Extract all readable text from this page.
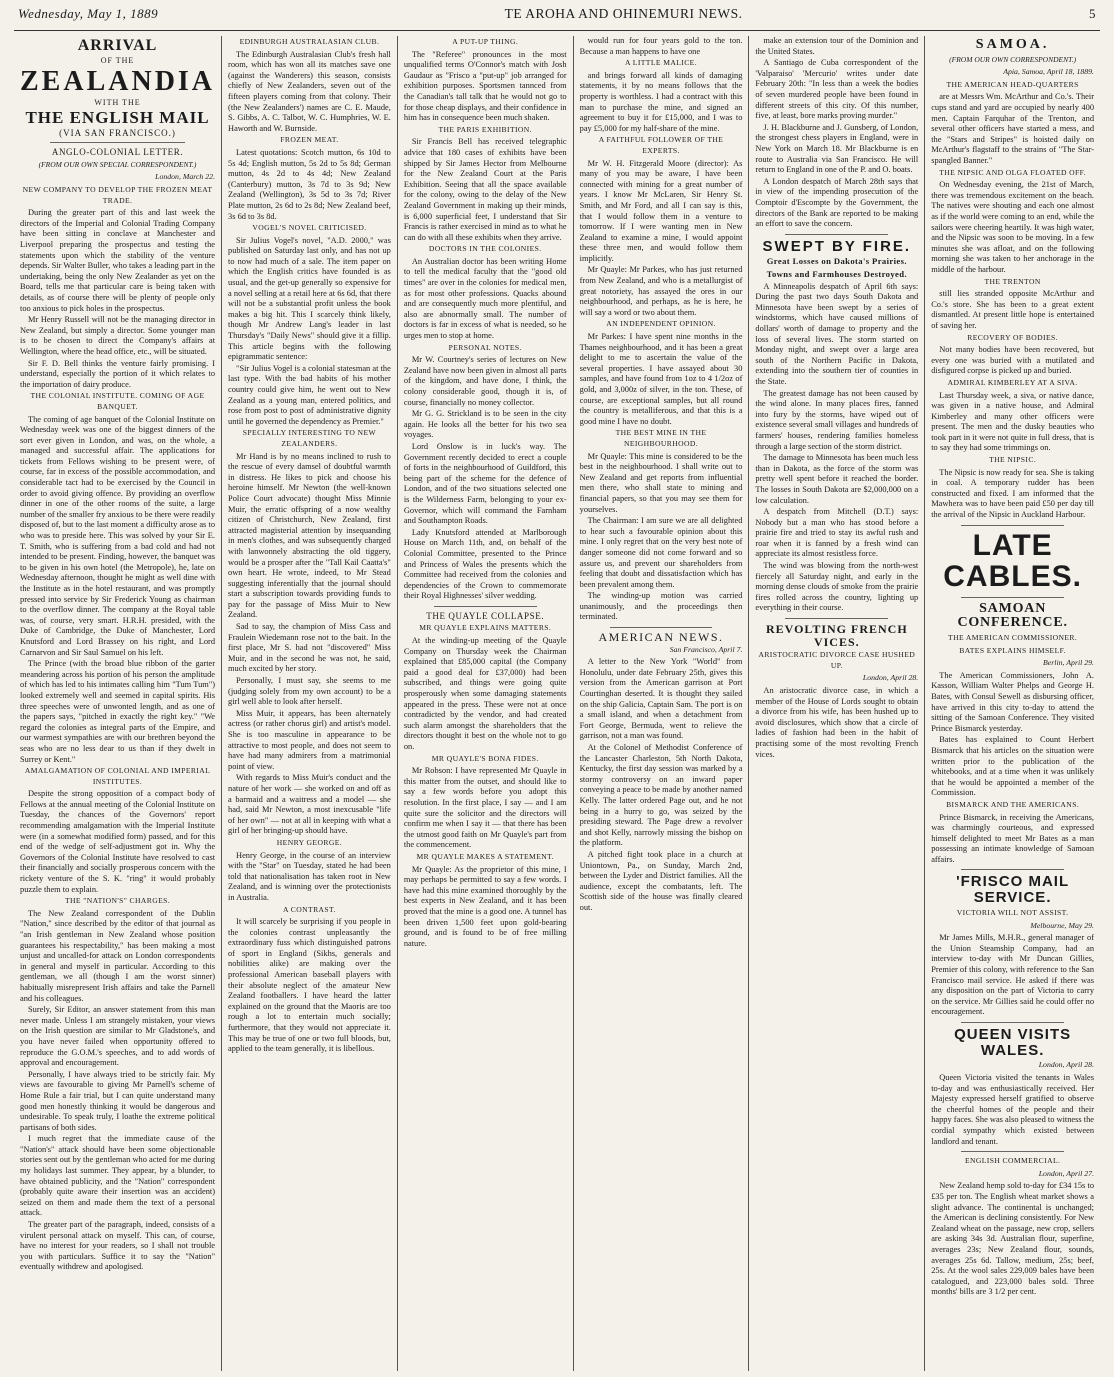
Wednesday, May 1, 1889	TE AROHA AND OHINEMURI NEWS.	5
ARRIVAL
OF THE
ZEALANDIA
WITH THE
THE ENGLISH MAIL
(VIA SAN FRANCISCO.)
ANGLO-COLONIAL LETTER.
(FROM OUR OWN SPECIAL CORRESPONDENT.)
London, March 22.
NEW COMPANY TO DEVELOP THE FROZEN MEAT TRADE.

During the greater part of this and last week the directors of the Imperial and Colonial Trading Company have been sitting in conclave at Manchester and Liverpool preparing the prospectus and testing the statements upon which the stability of the venture depends. Sir Walter Buller, who takes a leading part in the undertaking, being the only New Zealander as yet on the Board, tells me that particular care is being taken with details, as of course there will be plenty of people only too anxious to pick holes in the prospectus.

Mr Henry Russell will not be the managing director in New Zealand, but simply a director. Some younger man is to be chosen to direct the Company's affairs at Wellington, where the head office, etc., will be situated.

Sir F. D. Bell thinks the venture fairly promising. I understand, especially the portion of it which relates to the importation of dairy produce.

THE COLONIAL INSTITUTE. COMING OF AGE BANQUET.

The coming of age banquet of the Colonial Institute on Wednesday week was one of the biggest dinners of the sort ever given in London, and was, on the whole, a managed and successful affair. The applications for tickets from Fellows wishing to be present were, of course, far in excess of the possible accommodation, and considerable tact had to be exercised by the Council in order to avoid giving offence. By providing an overflow dinner in one of the other rooms of the suite, a large number of the smaller fry anxious to be there were readily disposed of, but to the last moment a difficulty arose as to who was to preside here. This was solved by your Sir E. T. Smith, who is suffering from a bad cold and had not intended to be present. Finding, however, the banquet was to be given in his own hotel (the Metropole), he, late on Wednesday afternoon, thought he might as well dine with the Institute as in the hotel restaurant, and was promptly pressed into service by Sir Frederick Young as chairman to the overflow dinner. The company at the Royal table was, of course, very smart. H.R.H. presided, with the Duke of Cambridge, the Duke of Manchester, Lord Knutsford and Lord Brassey on his right, and Lord Carnarvon and Sir Saul Samuel on his left.

The Prince (with the broad blue ribbon of the garter meandering across his portion of his person the amplitude of which has led to his intimates calling him "Tum Tum") looked extremely well and seemed in capital spirits. His three speeches were of unwonted length, and as one of the papers says, "pitched in exactly the right key." "We regard the colonies as integral parts of the Empire, and our warmest sympathies are with our brethren beyond the seas who are no less dear to us than if they dwelt in Surrey or Kent."

AMALGAMATION OF COLONIAL AND IMPERIAL INSTITUTES.

Despite the strong opposition of a compact body of Fellows at the annual meeting of the Colonial Institute on Tuesday, the chances of the Governors' report recommending amalgamation with the Imperial Institute were (in a somewhat modified form) passed, and for this end of the wedge of self-adjustment got in. Why the Governors of the Colonial Institute have resolved to cast their financially and socially prosperous concern with the rickety venture of the S. K. "ring" it would probably puzzle them to explain.

THE "NATION'S" CHARGES.

The New Zealand correspondent of the Dublin "Nation," since described by the editor of that journal as "an Irish gentleman in New Zealand whose position guarantees his respectability," has been making a most unjust and uncalled-for attack on London correspondents in general and myself in particular. According to this gentleman, we all (though I am the worst sinner) habitually misrepresent Irish affairs and take the Parnell and his colleagues.

Surely, Sir Editor, an answer statement from this man never made. Unless I am strangely mistaken, your views on the Irish question are similar to Mr Gladstone's, and you have never failed when opportunity offered to reproduce the G.O.M.'s speeches, and to add words of approval and encouragement.

Personally, I have always tried to be strictly fair. My views are favourable to giving Mr Parnell's scheme of Home Rule a fair trial, but I can quite understand many good men honestly thinking it would be dangerous and undesirable. To speak truly, I loathe the extreme political partisans of both sides.

I much regret that the immediate cause of the "Nation's" attack should have been some objectionable stories sent out by the gentleman who acted for me during my holidays last summer. They appear, by a blunder, to have obtained publicity, and the "Nation" correspondent (probably quite aware their insertion was an accident) seized on them and made them the text of a personal attack.

The greater part of the paragraph, indeed, consists of a virulent personal attack on myself. This can, of course, have no interest for your readers, so I shall not trouble you with particulars. Suffice it to say the "Nation" eventually withdrew and apologised.

EDINBURGH AUSTRALASIAN CLUB.

The Edinburgh Australasian Club's fresh hall room, which has won all its matches save one (against the Wanderers) this season, consists chiefly of New Zealanders, seven out of the fifteen players coming from that colony. Their (the New Zealanders') names are C. E. Maude, S. Gibbs, A. C. Talbot, W. C. Humphries, W. E. Haworth and W. Burnside.

FROZEN MEAT.

Latest quotations: Scotch mutton, 6s 10d to 5s 4d; English mutton, 5s 2d to 5s 8d; German mutton, 4s 2d to 4s 4d; New Zealand (Canterbury) mutton, 3s 7d to 3s 9d; New Zealand (Wellington), 3s 5d to 3s 7d; River Plate mutton, 2s 6d to 2s 8d; New Zealand beef, 3s 6d to 3s 8d.

VOGEL'S NOVEL CRITICISED.

Sir Julius Vogel's novel, "A.D. 2000," was published on Saturday last only, and has not up to now had much of a sale. The item paper on which the English critics have founded is as usual, and the get-up generally so expensive for a novel selling at a retail here at 6s 6d, that there will not be a substantial profit unless the book makes a big hit. This I scarcely think likely, though Mr Andrew Lang's leader in last Thursday's "Daily News" should give it a fillip. This article begins with the following epigrammatic sentence:

"Sir Julius Vogel is a colonial statesman at the last type. With the bad habits of his mother country could give him, he went out to New Zealand as a young man, entered politics, and rose from post to post of administrative dignity until he governed the dependency as Premier."

SPECIALLY INTERESTING TO NEW ZEALANDERS.

Mr Hand is by no means inclined to rush to the rescue of every damsel of doubtful warmth in distress. He likes to pick and choose his heroine himself. Mr Newton (the well-known Police Court advocate) thought Miss Minnie Muir, the erratic offspring of a now wealthy citizen of Christchurch, New Zealand, first attracted magisterial attention by insequanding in men's clothes, and was subsequently charged with lanwonnely abstracting the old tiggery, would be a prosper after the "Tall Kail Caatta's" own heart. He wrote, indeed, to Mr Stead suggesting inferentially that the journal should start a subscription towards providing funds to pay for the passage of Miss Muir to New Zealand.

Sad to say, the champion of Miss Cass and Fraulein Wiedemann rose not to the bait. In the first place, Mr S. had not "discovered" Miss Muir, and in the second he was not, he said, much excited by her story.

Personally, I must say, she seems to me (judging solely from my own account) to be a girl well able to look after herself.

Miss Muir, it appears, has been alternately actress (or rather chorus girl) and artist's model. She is too masculine in appearance to be attractive to most people, and does not seem to have had many admirers from a matrimonial point of view.

With regards to Miss Muir's conduct and the nature of her work — she worked on and off as a barmaid and a waitress and a model — she had, said Mr Newton, a most inexcusable "life of her own" — not at all in keeping with what a girl of her bringing-up should have.

HENRY GEORGE.

Henry George, in the course of an interview with the "Star" on Tuesday, stated he had been told that nationalisation has taken root in New Zealand, and is winning over the protectionists in Australia.

A CONTRAST.

It will scarcely be surprising if you people in the colonies contrast unpleasantly the extraordinary fuss which distinguished patrons of sport in England (Sikhs, generals and nobilities alike) are making over the professional American baseball players with their absolute neglect of the amateur New Zealand footballers. I have heard the latter explained on the ground that the Maoris are too rough a lot to entertain much socially; furthermore, that they would not appreciate it. This may be true of one or two full bloods, but, applied to the team generally, it is libellous.

A PUT-UP THING.

The "Referee" pronounces in the most unqualified terms O'Connor's match with Josh Gaudaur as "Frisco a "put-up" job arranged for exhibition purposes. Sportsmen tannced from the Canadian's tall talk that he would not go to for those cheap displays, and their confidence in him has in consequence been much shaken.

THE PARIS EXHIBITION.

Sir Francis Bell has received telegraphic advice that 180 cases of exhibits have been shipped by Sir James Hector from Melbourne for the New Zealand Court at the Paris Exhibition. Seeing that all the space available for the colony, owing to the delay of the New Zealand Government in making up their minds, is 6,000 superficial feet, I understand that Sir Francis is rather exercised in mind as to what he can do with all these exhibits when they arrive.

DOCTORS IN THE COLONIES.

An Australian doctor has been writing Home to tell the medical faculty that the "good old times" are over in the colonies for medical men, as for most other professions. Quacks abound and are consequently much more plentiful, and also are abnormally small. The number of doctors is far in excess of what is needed, so he urges men to stop at home.

PERSONAL NOTES.

Mr W. Courtney's series of lectures on New Zealand have now been given in almost all parts of the kingdom, and have done, I think, the colony considerable good, though it is, of course, financially no money collector.

Mr G. G. Strickland is to be seen in the city again. He looks all the better for his two sea voyages.

Lord Onslow is in luck's way. The Government recently decided to erect a couple of forts in the neighbourhood of Guildford, this being part of the scheme for the defence of London, and of the two situations selected one is the Wilderness Farm, belonging to your ex-Governor, which will command the Farnham and Southampton Roads.

Lady Knutsford attended at Marlborough House on March 11th, and, on behalf of the Colonial Committee, presented to the Prince and Princess of Wales the presents which the Committee had received from the colonies and dependencies of the Crown to commemorate their Royal Highnesses' silver wedding.

THE QUAYLE COLLAPSE.
MR QUAYLE EXPLAINS MATTERS.

At the winding-up meeting of the Quayle Company on Thursday week the Chairman explained that £85,000 capital (the Company paid a good deal for £37,000) had been subscribed, and things were going quite prosperously when some damaging statements appeared in the press. These were not at once contradicted by the vendor, and had created such alarm amongst the shareholders that the directors thought it best on the whole not to go on.

MR QUAYLE'S BONA FIDES.

Mr Robson: I have represented Mr Quayle in this matter from the outset, and should like to say a few words before you adopt this resolution. In the first place, I say — and I am quite sure the solicitor and the directors will confirm me when I say it — that there has been the utmost good faith on Mr Quayle's part from the commencement.

MR QUAYLE MAKES A STATEMENT.

Mr Quayle: As the proprietor of this mine, I may perhaps be permitted to say a few words. I have had this mine examined thoroughly by the best experts in New Zealand, and it has been proved that the mine is a good one. A tunnel has been driven 1,500 feet upon gold-bearing ground, and is found to be of free milling nature.

would run for four years gold to the ton. Because a man happens to have one

A LITTLE MALICE.

and brings forward all kinds of damaging statements, it by no means follows that the property is worthless. I had a contract with this man to purchase the mine, and signed an agreement to buy it for £15,000, and I was to pay £5,000 for my half-share of the mine.

A FAITHFUL FOLLOWER OF THE EXPERTS.

Mr W. H. Fitzgerald Moore (director): As many of you may be aware, I have been connected with mining for a great number of years. I know Mr McLaren, Sir Henry St. Smith, and Mr Ford, and all I can say is this, that I would follow them in a venture to tomorrow. If I were wanting men in New Zealand to examine a mine, I would appoint these three men, and would follow them implicitly.

Mr Quayle: Mr Parkes, who has just returned from New Zealand, and who is a metallurgist of great notoriety, has assayed the ores in our neighbourhood, and perhaps, as he is here, he will say a word or two about them.

AN INDEPENDENT OPINION.

Mr Parkes: I have spent nine months in the Thames neighbourhood, and it has been a great delight to me to ascertain the value of the several properties. I have assayed about 30 samples, and have found from 1oz to 4 1/2oz of gold, and 3,000z of silver, in the ton. These, of course, are exceptional samples, but all round the country is metalliferous, and that this is a good mine I have no doubt.

THE BEST MINE IN THE NEIGHBOURHOOD.

Mr Quayle: This mine is considered to be the best in the neighbourhood. I shall write out to New Zealand and get reports from influential men there, who shall state to mining and financial papers, so that you may see them for yourselves.

The Chairman: I am sure we are all delighted to hear such a favourable opinion about this mine. I only regret that on the very best note of danger someone did not come forward and so assure us, and prevent our shareholders from feeling that doubt and dissatisfaction which has been prevalent among them.

The winding-up motion was carried unanimously, and the proceedings then terminated.

AMERICAN NEWS.
San Francisco, April 7.

A letter to the New York "World" from Honolulu, under date February 25th, gives this version from the American garrison at Port Courtinghan deserted. It is thought they sailed on the ship Galicia, Captain Sam. The port is on a small island, and when a detachment from Fort George, Bermuda, went to relieve the garrison, not a man was found.

At the Colonel of Methodist Conference of the Lancaster Charleston, 5th North Dakota, Kentucky, the first day session was marked by a stormy controversy on an inward paper conveying a peace to be made by another named Kelly. The latter ordered Page out, and he not being in a hurry to go, was seized by the presiding steward. The Page drew a revolver and shot Kelly, narrowly missing the bishop on the platform.

A pitched fight took place in a church at Uniontown, Pa., on Sunday, March 2nd, between the Lyder and District families. All the audience, except the combatants, left. The Scottish side of the house was finally cleared out.

make an extension tour of the Dominion and the United States.

A Santiago de Cuba correspondent of the 'Valparaiso' 'Mercurio' writes under date February 20th: "In less than a week the bodies of seven murdered people have been found in different streets of this city. Of this number, five, at least, bore marks proving murder."

J. H. Blackburne and J. Gunsberg, of London, the strongest chess players in England, were in New York on March 18. Mr Blackburne is en route to Australia via San Francisco. He will return to England in one of the P. and O. boats.

A London despatch of March 28th says that in view of the impending prosecution of the Comptoir d'Escompte by the Government, the directors of the Bank are reported to be making an effort to save the concern.

SWEPT BY FIRE.
Great Losses on Dakota's Prairies.
Towns and Farmhouses Destroyed.

A Minneapolis despatch of April 6th says: During the past two days South Dakota and Minnesota have been swept by a series of windstorms, which have caused millions of dollars' worth of damage to property and the loss of several lives. The storm started on Monday night, and swept over a large area south of the Northern Pacific in Dakota, extending into the southern tier of counties in the State.

The greatest damage has not been caused by the wind alone. In many places fires, fanned into fury by the storms, have wiped out of existence several small villages and hundreds of farmers' houses, rendering families homeless through a large section of the storm district.

The damage to Minnesota has been much less than in Dakota, as the force of the storm was pretty well spent before it reached the border. The losses in South Dakota are $2,000,000 on a low calculation.

A despatch from Mitchell (D.T.) says: Nobody but a man who has stood before a prairie fire and tried to stay its awful rush and roar when it is fanned by a fresh wind can appreciate its almost resistless force.

The wind was blowing from the north-west fiercely all Saturday night, and early in the morning dense clouds of smoke from the prairie fires rolled across the country, lighting up everything in their course.

REVOLTING FRENCH VICES.
ARISTOCRATIC DIVORCE CASE HUSHED UP.
London, April 28.

An aristocratic divorce case, in which a member of the House of Lords sought to obtain a divorce from his wife, has been hushed up to avoid disclosures, which show that a circle of ladies of fashion had been in the habit of practising some of the most revolting French vices.

SAMOA.
(FROM OUR OWN CORRESPONDENT.)
Apia, Samoa, April 18, 1889.
THE AMERICAN HEAD-QUARTERS

are at Messrs Wm. McArthur and Co.'s. Their cups stand and yard are occupied by nearly 400 men. Captain Farquhar of the Trenton, and several other officers have started a mess, and the "Stars and Stripes" is hoisted daily on McArthur's flagstaff to the strains of "The Star-spangled Banner."

THE NIPSIC AND OLGA FLOATED OFF.

On Wednesday evening, the 21st of March, there was tremendous excitement on the beach. The natives were shouting and each one almost as if the world were coming to an end, while the sailors were cheering heartily. It was high water, and the Nipsic was soon to be moving. In a few minutes she was afloat, and on the following morning she was taken to her anchorage in the middle of the harbour.

THE TRENTON

still lies stranded opposite McArthur and Co.'s store. She has been to a great extent dismantled. At present little hope is entertained of saving her.

RECOVERY OF BODIES.

Not many bodies have been recovered, but every one was buried with a mutilated and disfigured corpse is picked up and buried.

ADMIRAL KIMBERLEY AT A SIVA.

Last Thursday week, a siva, or native dance, was given in a native house, and Admiral Kimberley and many other officers were present. The men and the dusky beauties who took part in it were not quite in full dress, that is to say they had some trimmings on.

THE NIPSIC.

The Nipsic is now ready for sea. She is taking in coal. A temporary rudder has been constructed and fixed. I am informed that the Mawhera was to have been paid £50 per day till the arrival of the Nipsic in Auckland Harbour.

LATE CABLES.
SAMOAN CONFERENCE.
THE AMERICAN COMMISSIONER.
BATES EXPLAINS HIMSELF.
Berlin, April 29.

The American Commissioners, John A. Kasson, William Walter Phelps and George H. Bates, with Consul Sewell as disbursing officer, have arrived in this city to-day to attend the sitting of the Samoan Conference. They visited Prince Bismarck yesterday.

Bates has explained to Count Herbert Bismarck that his articles on the situation were written prior to the publication of the whitebooks, and at a time when it was unlikely that he would be appointed a member of the Commission.

BISMARCK AND THE AMERICANS.

Prince Bismarck, in receiving the Americans, was charmingly courteous, and expressed himself delighted to meet Mr Bates as a man possessing an intimate knowledge of Samoan affairs.

'FRISCO MAIL SERVICE.
VICTORIA WILL NOT ASSIST.
Melbourne, May 29.

Mr James Mills, M.H.R., general manager of the Union Steamship Company, had an interview to-day with Mr Duncan Gillies, Premier of this colony, with reference to the San Francisco mail service. He asked if there was any disposition on the part of Victoria to carry on the service. Mr Gillies said he could offer no encouragement.

QUEEN VISITS WALES.
London, April 28.

Queen Victoria visited the tenants in Wales to-day and was enthusiastically received. Her Majesty expressed herself gratified to observe the cheerful homes of the people and their happy faces. She was also pleased to witness the cordial sympathy which existed between landlord and tenant.

ENGLISH COMMERCIAL.
London, April 27.

New Zealand hemp sold to-day for £34 15s to £35 per ton. The English wheat market shows a slight advance. The continental is unchanged; the American is declining consistently. For New Zealand wheat on the passage, new crop, sellers are asking 34s 3d. Australian flour, superfine, averages 23s; New Zealand flour, sounds, averages 25s 6d. Tallow, medium, 25s; beef, 25s. At the wool sales 229,009 bales have been catalogued, and 223,000 bales sold. Three months' bills are 3 1/2 per cent.
